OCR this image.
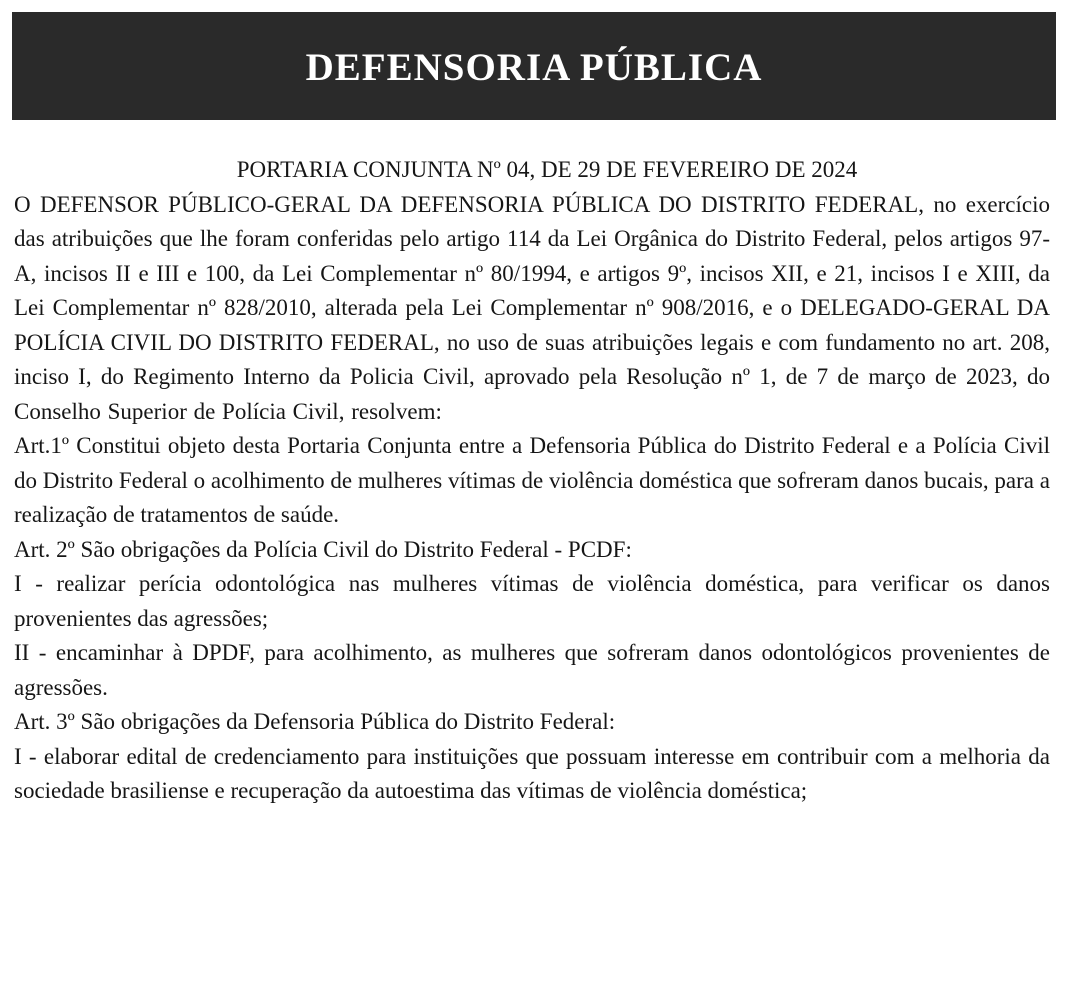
DEFENSORIA PÚBLICA

PORTARIA CONJUNTA Nº 04, DE 29 DE FEVEREIRO DE 2024

O DEFENSOR PÚBLICO-GERAL DA DEFENSORIA PÚBLICA DO DISTRITO FEDERAL, no exercício das atribuições que lhe foram conferidas pelo artigo 114 da Lei Orgânica do Distrito Federal, pelos artigos 97-A, incisos II e III e 100, da Lei Complementar nº 80/1994, e artigos 9º, incisos XII, e 21, incisos I e XIII, da Lei Complementar nº 828/2010, alterada pela Lei Complementar nº 908/2016, e o DELEGADO-GERAL DA POLÍCIA CIVIL DO DISTRITO FEDERAL, no uso de suas atribuições legais e com fundamento no art. 208, inciso I, do Regimento Interno da Policia Civil, aprovado pela Resolução nº 1, de 7 de março de 2023, do Conselho Superior de Polícia Civil, resolvem:

Art.1º Constitui objeto desta Portaria Conjunta entre a Defensoria Pública do Distrito Federal e a Polícia Civil do Distrito Federal o acolhimento de mulheres vítimas de violência doméstica que sofreram danos bucais, para a realização de tratamentos de saúde.

Art. 2º São obrigações da Polícia Civil do Distrito Federal - PCDF:

I - realizar perícia odontológica nas mulheres vítimas de violência doméstica, para verificar os danos provenientes das agressões;

II - encaminhar à DPDF, para acolhimento, as mulheres que sofreram danos odontológicos provenientes de agressões.

Art. 3º São obrigações da Defensoria Pública do Distrito Federal:

I - elaborar edital de credenciamento para instituições que possuam interesse em contribuir com a melhoria da sociedade brasiliense e recuperação da autoestima das vítimas de violência doméstica;
